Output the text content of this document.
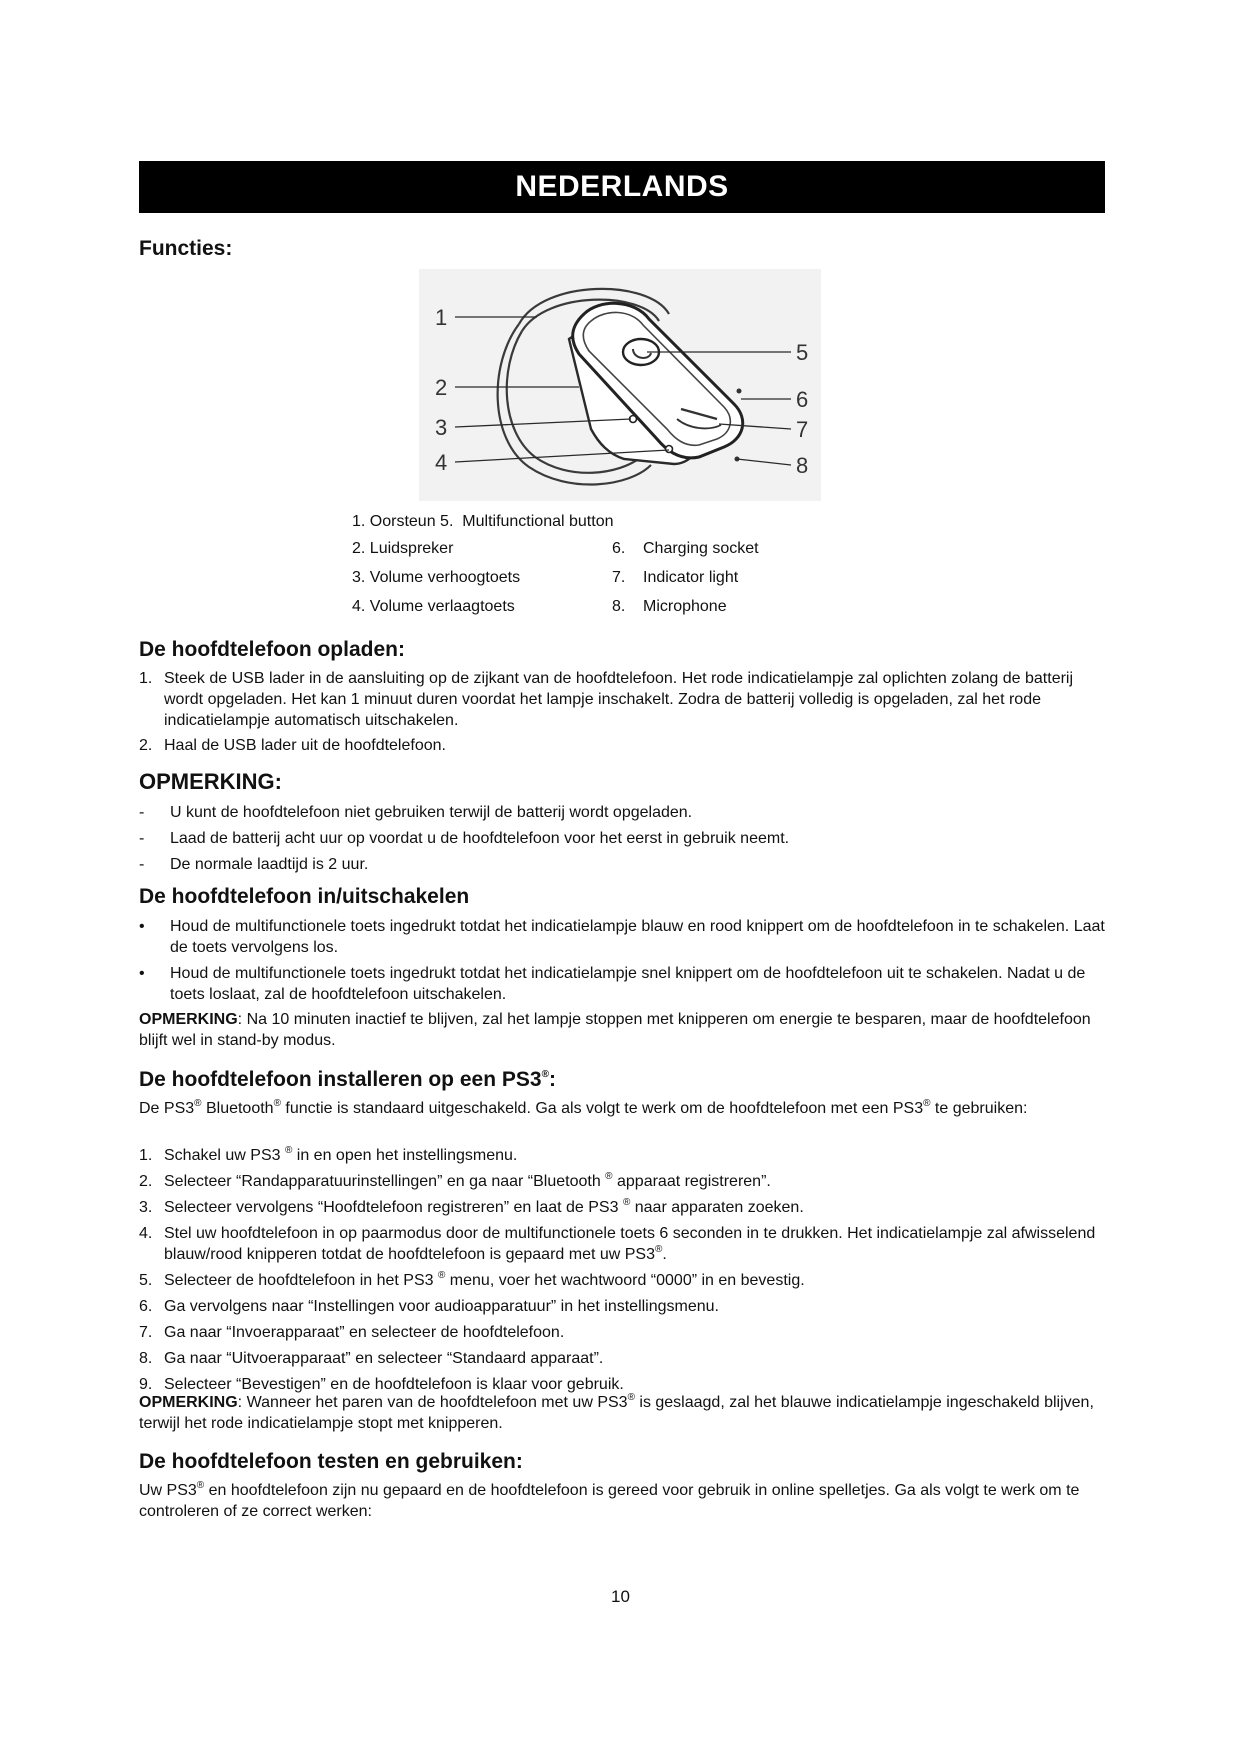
NEDERLANDS
Functies:
1
2
3
4
5
6
7
8

1. Oorsteun 5.  Multifunctional button

2. Luidspreker

3. Volume verhoogtoets

4. Volume verlaagtoets

6.

7.

8.

Charging socket

Indicator light

Microphone

De hoofdtelefoon opladen:
1. Steek de USB lader in de aansluiting op de zijkant van de hoofdtelefoon. Het rode indicatielampje zal oplichten zolang de batterij wordt opgeladen. Het kan 1 minuut duren voordat het lampje inschakelt. Zodra de batterij volledig is opgeladen, zal het rode indicatielampje automatisch uitschakelen.
2. Haal de USB lader uit de hoofdtelefoon.
OPMERKING:
- U kunt de hoofdtelefoon niet gebruiken terwijl de batterij wordt opgeladen.
- Laad de batterij acht uur op voordat u de hoofdtelefoon voor het eerst in gebruik neemt.
- De normale laadtijd is 2 uur.
De hoofdtelefoon in/uitschakelen
• Houd de multifunctionele toets ingedrukt totdat het indicatielampje blauw en rood knippert om de hoofdtelefoon in te schakelen. Laat de toets vervolgens los.
• Houd de multifunctionele toets ingedrukt totdat het indicatielampje snel knippert om de hoofdtelefoon uit te schakelen. Nadat u de toets loslaat, zal de hoofdtelefoon uitschakelen.

OPMERKING: Na 10 minuten inactief te blijven, zal het lampje stoppen met knipperen om energie te besparen, maar de hoofdtelefoon blijft wel in stand-by modus.

De hoofdtelefoon installeren op een PS3®:

De PS3® Bluetooth® functie is standaard uitgeschakeld. Ga als volgt te werk om de hoofdtelefoon met een PS3® te gebruiken:

1. Schakel uw PS3 ® in en open het instellingsmenu.
2. Selecteer “Randapparatuurinstellingen” en ga naar “Bluetooth ® apparaat registreren”.
3. Selecteer vervolgens “Hoofdtelefoon registreren” en laat de PS3 ® naar apparaten zoeken.
4. Stel uw hoofdtelefoon in op paarmodus door de multifunctionele toets 6 seconden in te drukken. Het indicatielampje zal afwisselend blauw/rood knipperen totdat de hoofdtelefoon is gepaard met uw PS3®.
5. Selecteer de hoofdtelefoon in het PS3 ® menu, voer het wachtwoord “0000” in en bevestig.
6. Ga vervolgens naar “Instellingen voor audioapparatuur” in het instellingsmenu.
7. Ga naar “Invoerapparaat” en selecteer de hoofdtelefoon.
8. Ga naar “Uitvoerapparaat” en selecteer “Standaard apparaat”.
9. Selecteer “Bevestigen” en de hoofdtelefoon is klaar voor gebruik.

OPMERKING: Wanneer het paren van de hoofdtelefoon met uw PS3® is geslaagd, zal het blauwe indicatielampje ingeschakeld blijven, terwijl het rode indicatielampje stopt met knipperen.

De hoofdtelefoon testen en gebruiken:

Uw PS3® en hoofdtelefoon zijn nu gepaard en de hoofdtelefoon is gereed voor gebruik in online spelletjes. Ga als volgt te werk om te controleren of ze correct werken:

10
